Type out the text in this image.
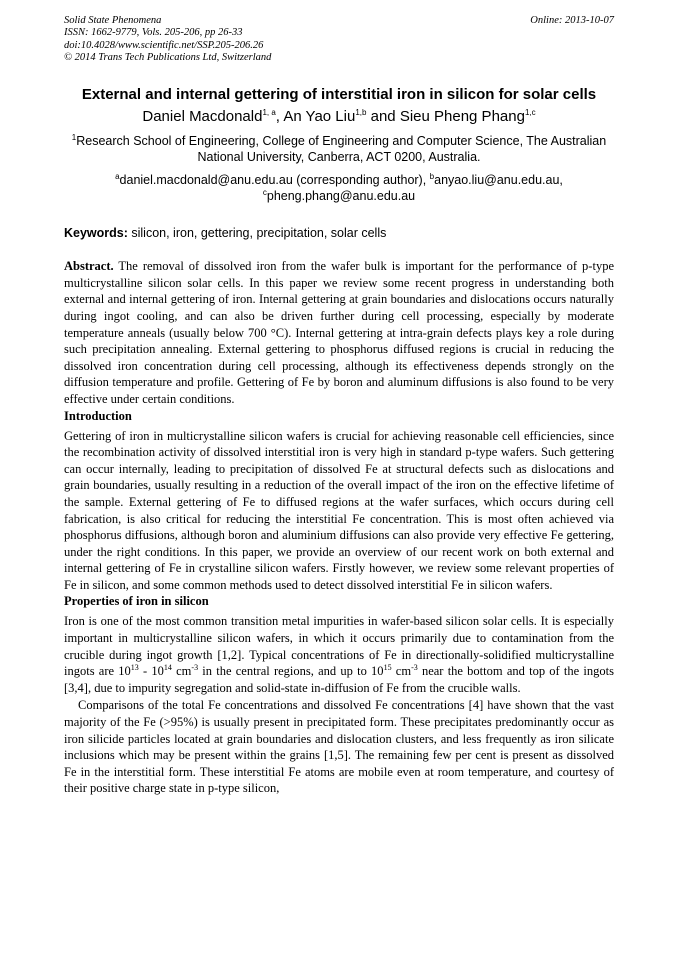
Solid State Phenomena
ISSN: 1662-9779, Vols. 205-206, pp 26-33
doi:10.4028/www.scientific.net/SSP.205-206.26
© 2014 Trans Tech Publications Ltd, Switzerland
Online: 2013-10-07
External and internal gettering of interstitial iron in silicon for solar cells
Daniel Macdonald$^{1, a}$, An Yao Liu$^{1,b}$ and Sieu Pheng Phang$^{1,c}$
$^1$Research School of Engineering, College of Engineering and Computer Science, The Australian National University, Canberra, ACT 0200, Australia.
$^a$daniel.macdonald@anu.edu.au (corresponding author), $^b$anyao.liu@anu.edu.au,
$^c$pheng.phang@anu.edu.au
Keywords: silicon, iron, gettering, precipitation, solar cells
Abstract. The removal of dissolved iron from the wafer bulk is important for the performance of p-type multicrystalline silicon solar cells. In this paper we review some recent progress in understanding both external and internal gettering of iron. Internal gettering at grain boundaries and dislocations occurs naturally during ingot cooling, and can also be driven further during cell processing, especially by moderate temperature anneals (usually below 700 °C). Internal gettering at intra-grain defects plays key a role during such precipitation annealing. External gettering to phosphorus diffused regions is crucial in reducing the dissolved iron concentration during cell processing, although its effectiveness depends strongly on the diffusion temperature and profile. Gettering of Fe by boron and aluminum diffusions is also found to be very effective under certain conditions.
Introduction

Gettering of iron in multicrystalline silicon wafers is crucial for achieving reasonable cell efficiencies, since the recombination activity of dissolved interstitial iron is very high in standard p-type wafers. Such gettering can occur internally, leading to precipitation of dissolved Fe at structural defects such as dislocations and grain boundaries, usually resulting in a reduction of the overall impact of the iron on the effective lifetime of the sample. External gettering of Fe to diffused regions at the wafer surfaces, which occurs during cell fabrication, is also critical for reducing the interstitial Fe concentration. This is most often achieved via phosphorus diffusions, although boron and aluminium diffusions can also provide very effective Fe gettering, under the right conditions. In this paper, we provide an overview of our recent work on both external and internal gettering of Fe in crystalline silicon wafers. Firstly however, we review some relevant properties of Fe in silicon, and some common methods used to detect dissolved interstitial Fe in silicon wafers.

Properties of iron in silicon

Iron is one of the most common transition metal impurities in wafer-based silicon solar cells. It is especially important in multicrystalline silicon wafers, in which it occurs primarily due to contamination from the crucible during ingot growth [1,2]. Typical concentrations of Fe in directionally-solidified multicrystalline ingots are $10^{13} - 10^{14}$ $cm^{-3}$ in the central regions, and up to $10^{15}$ $cm^{-3}$ near the bottom and top of the ingots [3,4], due to impurity segregation and solid-state in-diffusion of Fe from the crucible walls.

Comparisons of the total Fe concentrations and dissolved Fe concentrations [4] have shown that the vast majority of the Fe (>95%) is usually present in precipitated form. These precipitates predominantly occur as iron silicide particles located at grain boundaries and dislocation clusters, and less frequently as iron silicate inclusions which may be present within the grains [1,5]. The remaining few per cent is present as dissolved Fe in the interstitial form. These interstitial Fe atoms are mobile even at room temperature, and courtesy of their positive charge state in p-type silicon,
